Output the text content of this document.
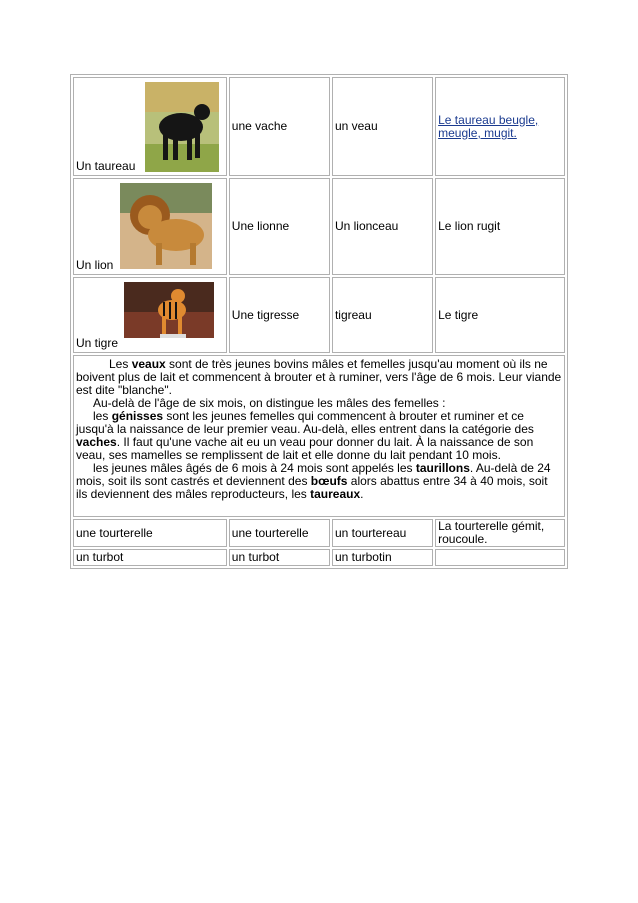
Un taureau	une vache	un veau	Le taureau beugle, meugle, mugit.

Un lion	Une lionne	Un lionceau	Le lion rugit

Un tigre	Une tigresse	tigreau	Le tigre

Les veaux sont de très jeunes bovins mâles et femelles jusqu'au moment où ils ne boivent plus de lait et commencent à brouter et à ruminer, vers l'âge de 6 mois. Leur viande est dite "blanche".

Au-delà de l'âge de six mois, on distingue les mâles des femelles :

les génisses sont les jeunes femelles qui commencent à brouter et ruminer et ce jusqu'à la naissance de leur premier veau. Au-delà, elles entrent dans la catégorie des vaches. Il faut qu'une vache ait eu un veau pour donner du lait. À la naissance de son veau, ses mamelles se remplissent de lait et elle donne du lait pendant 10 mois.

les jeunes mâles âgés de 6 mois à 24 mois sont appelés les taurillons. Au-delà de 24 mois, soit ils sont castrés et deviennent des bœufs alors abattus entre 34 à 40 mois, soit ils deviennent des mâles reproducteurs, les taureaux.			

une tourterelle	une tourterelle	un tourtereau	La tourterelle gémit, roucoule.
un turbot	un turbot	un turbotin	
